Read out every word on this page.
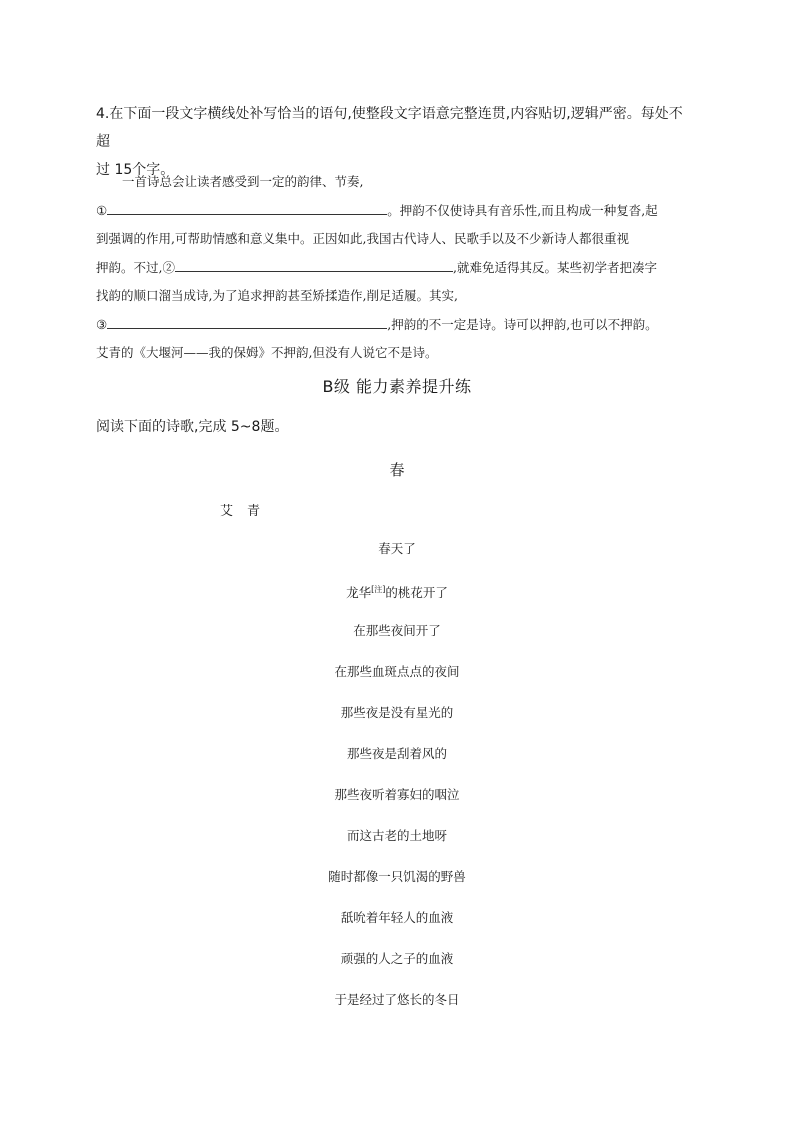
4.在下面一段文字横线处补写恰当的语句,使整段文字语意完整连贯,内容贴切,逻辑严密。每处不超
过 15个字。

一首诗总会让读者感受到一定的韵律、节奏,

①	。押韵不仅使诗具有音乐性,而且构成一种复沓,起

到强调的作用,可帮助情感和意义集中。正因如此,我国古代诗人、民歌手以及不少新诗人都很重视

押韵。不过,②	,就难免适得其反。某些初学者把凑字

找韵的顺口溜当成诗,为了追求押韵甚至矫揉造作,削足适履。其实,

③	,押韵的不一定是诗。诗可以押韵,也可以不押韵。

艾青的《大堰河——我的保姆》不押韵,但没有人说它不是诗。

B级 能力素养提升练
阅读下面的诗歌,完成 5~8题。
春
艾青
春天了
龙华[注]的桃花开了
在那些夜间开了
在那些血斑点点的夜间
那些夜是没有星光的
那些夜是刮着风的
那些夜听着寡妇的咽泣
而这古老的土地呀
随时都像一只饥渴的野兽
舐吮着年轻人的血液
顽强的人之子的血液
于是经过了悠长的冬日
